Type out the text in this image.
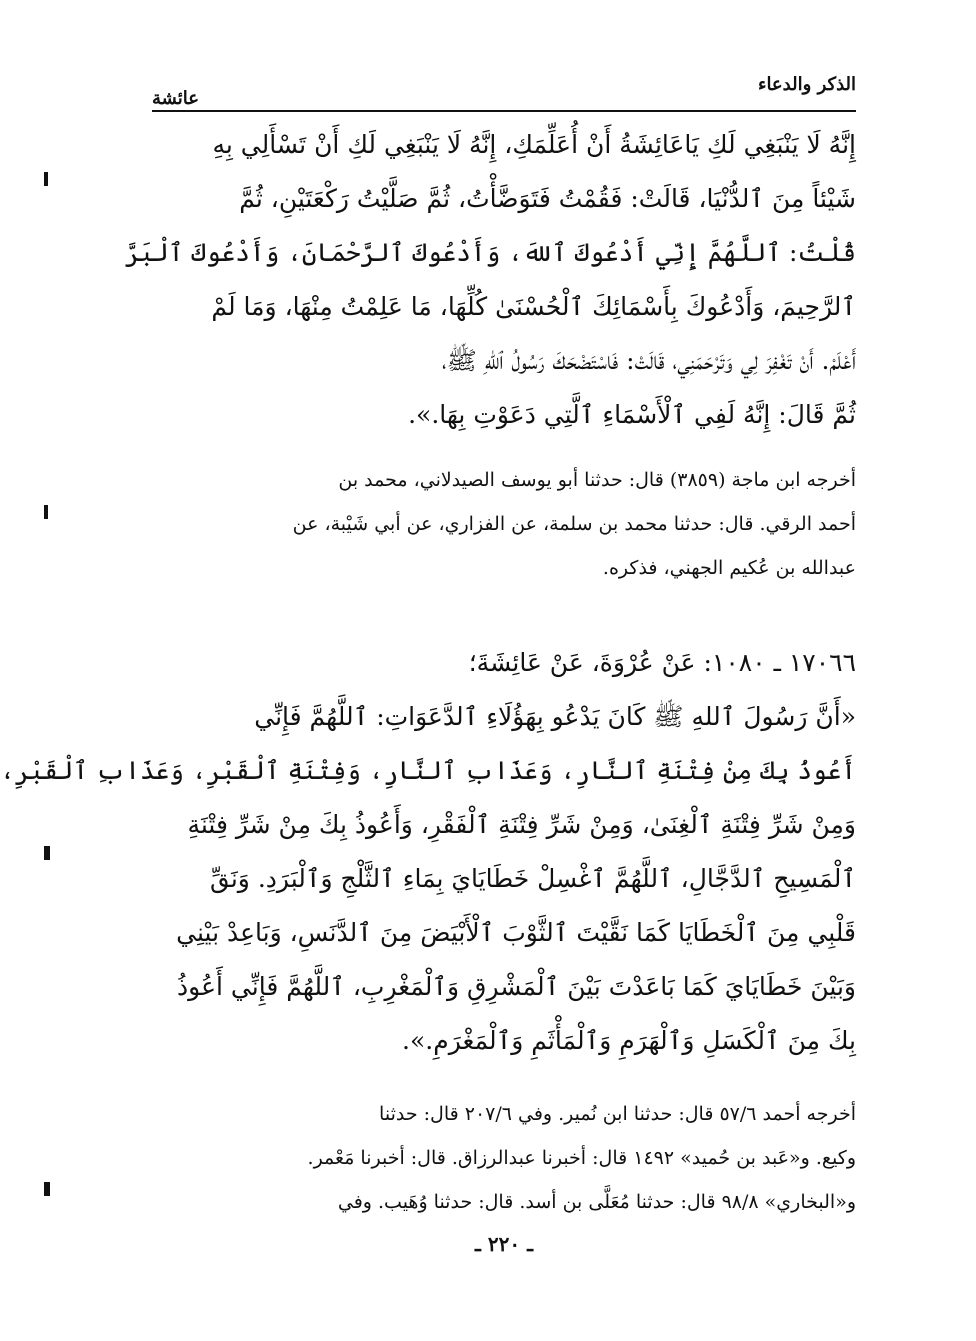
الذكر والدعاء
عائشة
إِنَّهُ لَا يَنْبَغِي لَكِ يَاعَائِشَةُ أَنْ أُعَلِّمَكِ، إِنَّهُ لَا يَنْبَغِي لَكِ أَنْ تَسْأَلِي بِهِ
شَيْئاً مِنَ ٱلدُّنْيَا، قَالَتْ: فَقُمْتُ فَتَوَضَّأْتُ، ثُمَّ صَلَّيْتُ رَكْعَتَيْنِ، ثُمَّ
قُلْتُ: ٱللَّهُمَّ إِنِّي أَدْعُوكَ ٱللهَ، وَأَدْعُوكَ ٱلرَّحْمَانَ، وَأَدْعُوكَ ٱلْبَرَّ
ٱلرَّحِيمَ، وَأَدْعُوكَ بِأَسْمَائِكَ ٱلْحُسْنَىٰ كُلِّهَا، مَا عَلِمْتُ مِنْهَا، وَمَا لَمْ
أَعْلَمْ. أَنْ تَغْفِرَ لِي وَتَرْحَمَنِي، قَالَتْ: فَاسْتَضْحَكَ رَسُولُ ٱللهِ ﷺ،
ثُمَّ قَالَ: إِنَّهُ لَفِي ٱلْأَسْمَاءِ ٱلَّتِي دَعَوْتِ بِهَا.».
أخرجه ابن ماجة (٣٨٥٩) قال: حدثنا أبو يوسف الصيدلاني، محمد بن
أحمد الرقي. قال: حدثنا محمد بن سلمة، عن الفزاري، عن أبي شَيْبة، عن
عبدالله بن عُكيم الجهني، فذكره.
١٧٠٦٦ ـ ١٠٨٠: عَنْ عُرْوَةَ، عَنْ عَائِشَةَ؛
«أَنَّ رَسُولَ ٱللهِ ﷺ كَانَ يَدْعُو بِهَؤُلَاءِ ٱلدَّعَوَاتِ: ٱللَّهُمَّ فَإِنِّي
أَعُوذُ بِكَ مِنْ فِتْنَةِ ٱلنَّارِ، وَعَذَابِ ٱلنَّارِ، وَفِتْنَةِ ٱلْقَبْرِ، وَعَذَابِ ٱلْقَبْرِ،
وَمِنْ شَرِّ فِتْنَةِ ٱلْغِنَىٰ، وَمِنْ شَرِّ فِتْنَةِ ٱلْفَقْرِ، وَأَعُوذُ بِكَ مِنْ شَرِّ فِتْنَةِ
ٱلْمَسِيحِ ٱلدَّجَّالِ، ٱللَّهُمَّ ٱغْسِلْ خَطَايَايَ بِمَاءِ ٱلثَّلْجِ وَٱلْبَرَدِ. وَنَقِّ
قَلْبِي مِنَ ٱلْخَطَايَا كَمَا نَقَّيْتَ ٱلثَّوْبَ ٱلْأَبْيَضَ مِنَ ٱلدَّنَسِ، وَبَاعِدْ بَيْنِي
وَبَيْنَ خَطَايَايَ كَمَا بَاعَدْتَ بَيْنَ ٱلْمَشْرِقِ وَٱلْمَغْرِبِ، ٱللَّهُمَّ فَإِنِّي أَعُوذُ
بِكَ مِنَ ٱلْكَسَلِ وَٱلْهَرَمِ وَٱلْمَأْثَمِ وَٱلْمَغْرَمِ.».
أخرجه أحمد ٥٧/٦ قال: حدثنا ابن نُمير. وفي ٢٠٧/٦ قال: حدثنا
وكيع. و«عَبد بن حُميد» ١٤٩٢ قال: أخبرنا عبدالرزاق. قال: أخبرنا مَعْمر.
و«البخاري» ٩٨/٨ قال: حدثنا مُعَلَّى بن أسد. قال: حدثنا وُهَيب. وفي
ـ ٢٢٠ ـ
